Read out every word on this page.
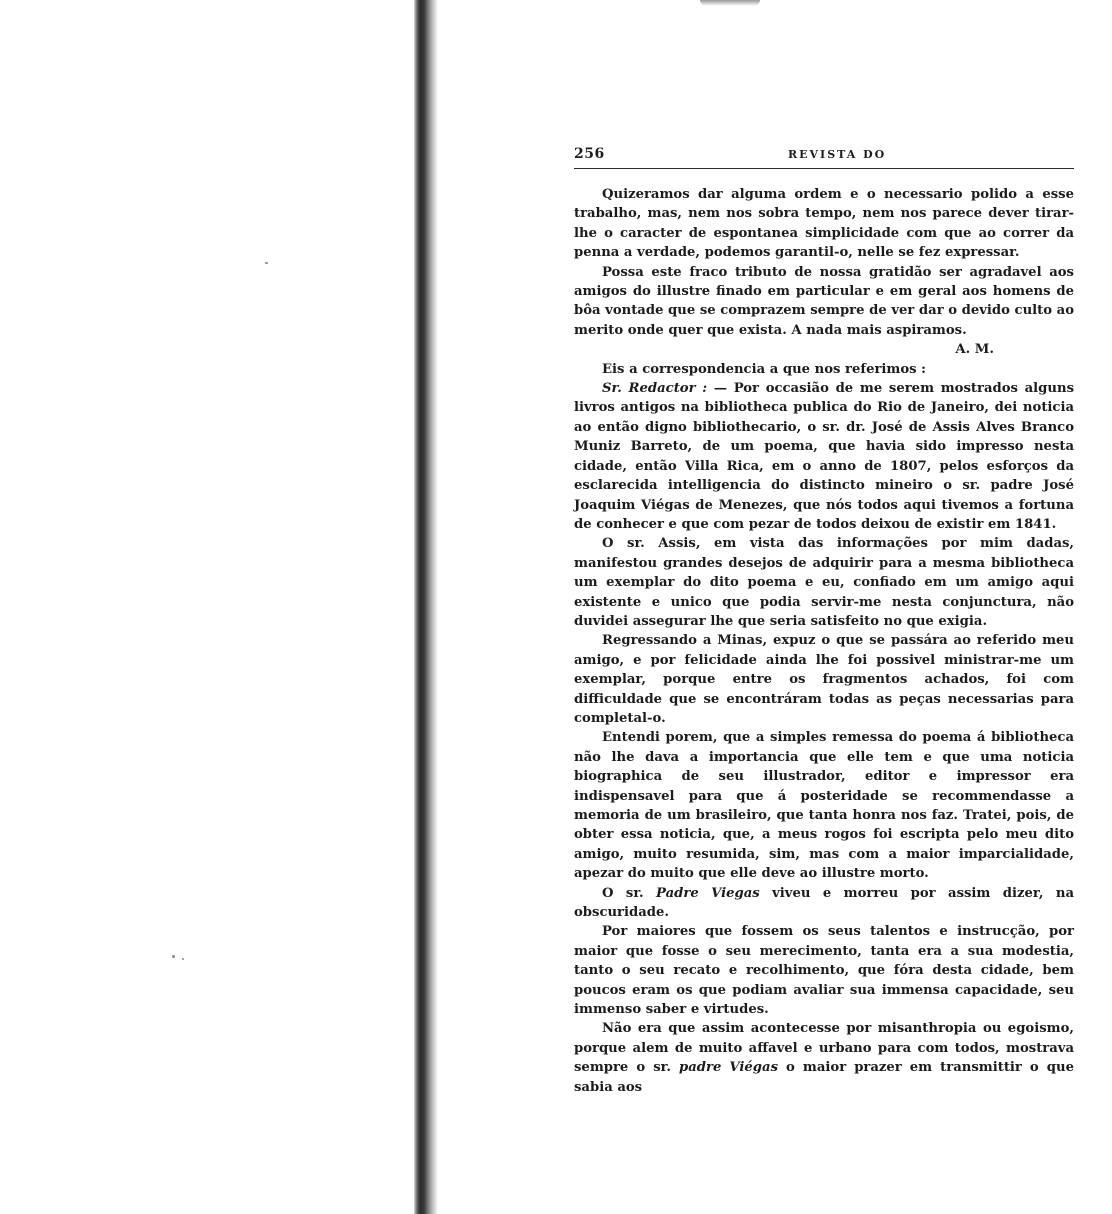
256	REVISTA DO

Quizeramos dar alguma ordem e o necessario polido a esse trabalho, mas, nem nos sobra tempo, nem nos parece dever tirar-lhe o caracter de espontanea simplicidade com que ao correr da penna a verdade, podemos garantil-o, nelle se fez expressar.

Possa este fraco tributo de nossa gratidão ser agradavel aos amigos do illustre finado em particular e em geral aos homens de bôa vontade que se comprazem sempre de ver dar o devido culto ao merito onde quer que exista. A nada mais aspiramos.

A. M.

Eis a correspondencia a que nos referimos :

Sr. Redactor : — Por occasião de me serem mostrados alguns livros antigos na bibliotheca publica do Rio de Janeiro, dei noticia ao então digno bibliothecario, o sr. dr. José de Assis Alves Branco Muniz Barreto, de um poema, que havia sido impresso nesta cidade, então Villa Rica, em o anno de 1807, pelos esforços da esclarecida intelligencia do distincto mineiro o sr. padre José Joaquim Viégas de Menezes, que nós todos aqui tivemos a fortuna de conhecer e que com pezar de todos deixou de existir em 1841.

O sr. Assis, em vista das informações por mim dadas, manifestou grandes desejos de adquirir para a mesma bibliotheca um exemplar do dito poema e eu, confiado em um amigo aqui existente e unico que podia servir-me nesta conjunctura, não duvidei assegurar lhe que seria satisfeito no que exigia.

Regressando a Minas, expuz o que se passára ao referido meu amigo, e por felicidade ainda lhe foi possivel ministrar-me um exemplar, porque entre os fragmentos achados, foi com difficuldade que se encontráram todas as peças necessarias para completal-o.

Entendi porem, que a simples remessa do poema á bibliotheca não lhe dava a importancia que elle tem e que uma noticia biographica de seu illustrador, editor e impressor era indispensavel para que á posteridade se recommendasse a memoria de um brasileiro, que tanta honra nos faz. Tratei, pois, de obter essa noticia, que, a meus rogos foi escripta pelo meu dito amigo, muito resumida, sim, mas com a maior imparcialidade, apezar do muito que elle deve ao illustre morto.

O sr. Padre Viegas viveu e morreu por assim dizer, na obscuridade.

Por maiores que fossem os seus talentos e instrucção, por maior que fosse o seu merecimento, tanta era a sua modestia, tanto o seu recato e recolhimento, que fóra desta cidade, bem poucos eram os que podiam avaliar sua immensa capacidade, seu immenso saber e virtudes.

Não era que assim acontecesse por misanthropia ou egoismo, porque alem de muito affavel e urbano para com todos, mostrava sempre o sr. padre Viégas o maior prazer em transmittir o que sabia aos
